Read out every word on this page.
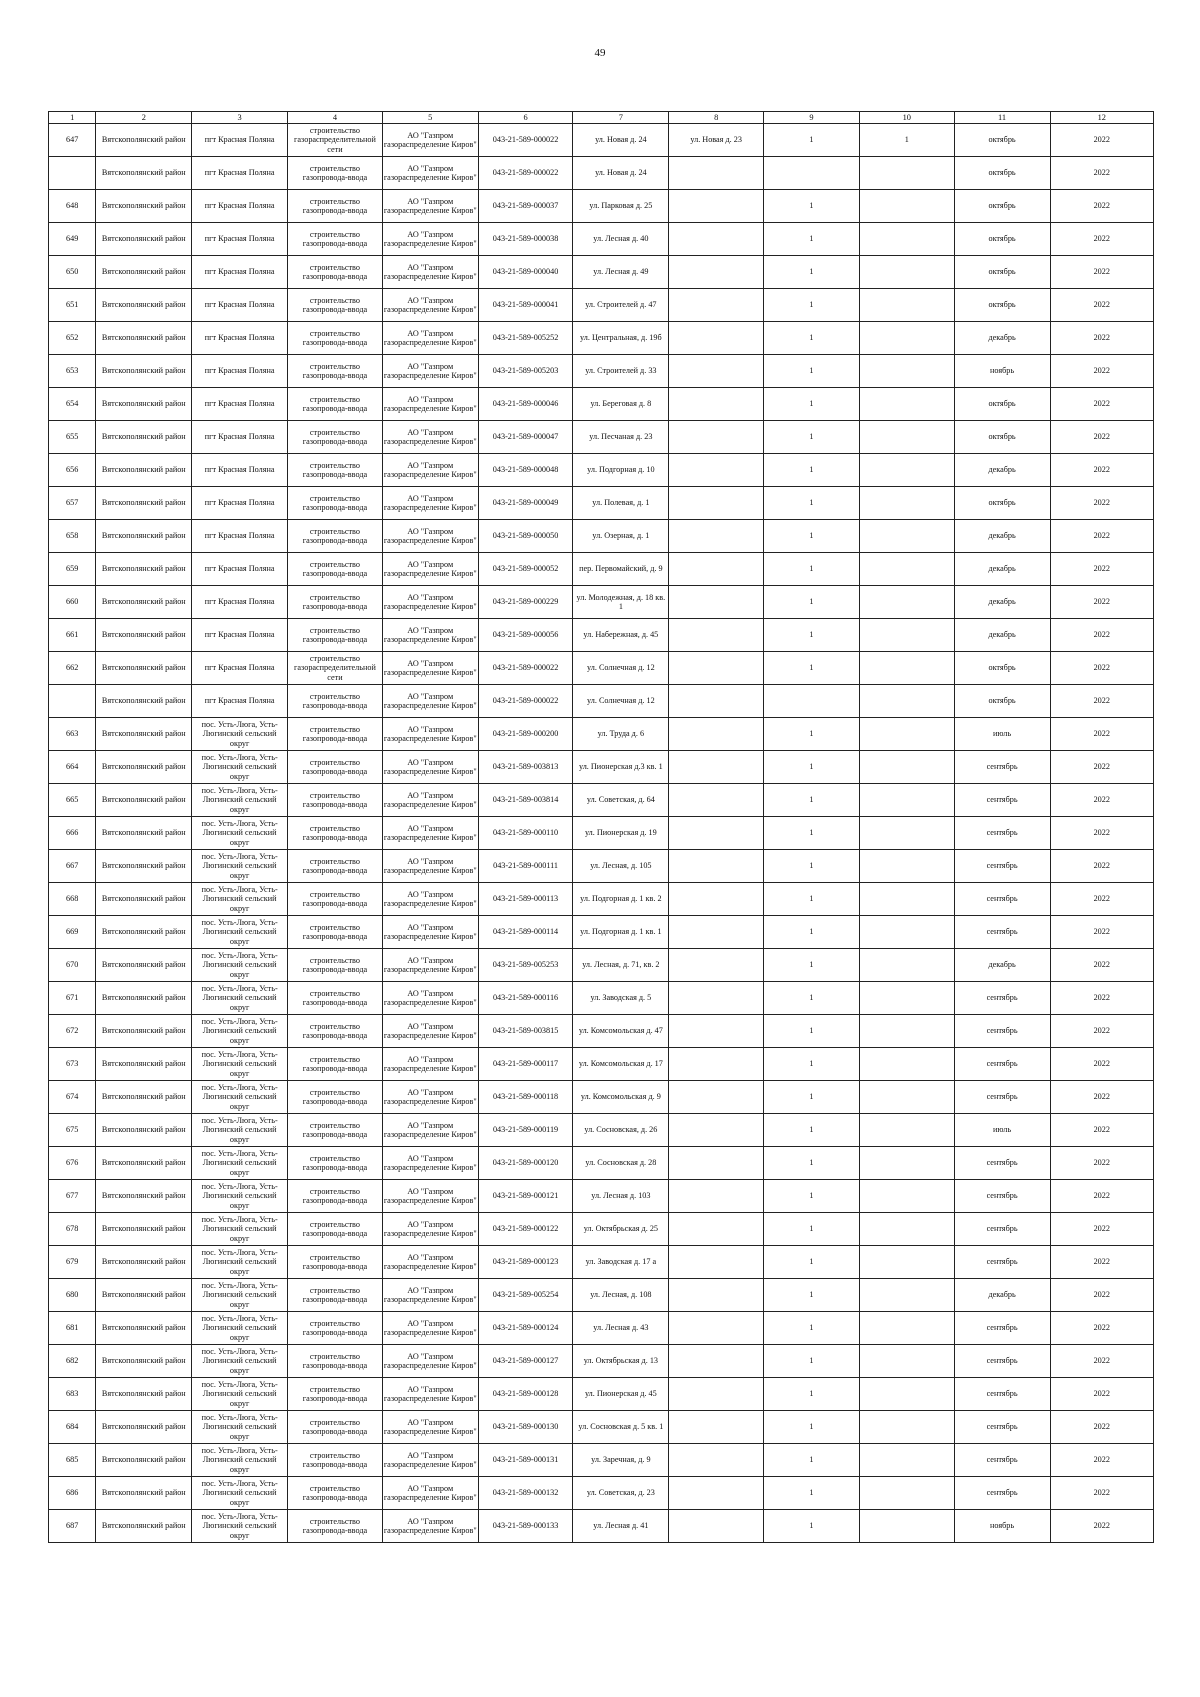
49
1	2	3	4	5	6	7	8	9	10	11	12

647	Вятскополянский район	пгт Красная Поляна	строительство газораспределительной сети	АО "Газпром газораспределение Киров"	043-21-589-000022	ул. Новая д. 24	ул. Новая д. 23	1	1	октябрь	2022

	Вятскополянский район	пгт Красная Поляна	строительство газопровода-ввода	АО "Газпром газораспределение Киров"	043-21-589-000022	ул. Новая д. 24				октябрь	2022

648	Вятскополянский район	пгт Красная Поляна	строительство газопровода-ввода	АО "Газпром газораспределение Киров"	043-21-589-000037	ул. Парковая д. 25		1		октябрь	2022

649	Вятскополянский район	пгт Красная Поляна	строительство газопровода-ввода	АО "Газпром газораспределение Киров"	043-21-589-000038	ул. Лесная д. 40		1		октябрь	2022

650	Вятскополянский район	пгт Красная Поляна	строительство газопровода-ввода	АО "Газпром газораспределение Киров"	043-21-589-000040	ул. Лесная д. 49		1		октябрь	2022

651	Вятскополянский район	пгт Красная Поляна	строительство газопровода-ввода	АО "Газпром газораспределение Киров"	043-21-589-000041	ул. Строителей д. 47		1		октябрь	2022

652	Вятскополянский район	пгт Красная Поляна	строительство газопровода-ввода	АО "Газпром газораспределение Киров"	043-21-589-005252	ул. Центральная, д. 19б		1		декабрь	2022

653	Вятскополянский район	пгт Красная Поляна	строительство газопровода-ввода	АО "Газпром газораспределение Киров"	043-21-589-005203	ул. Строителей д. 33		1		ноябрь	2022

654	Вятскополянский район	пгт Красная Поляна	строительство газопровода-ввода	АО "Газпром газораспределение Киров"	043-21-589-000046	ул. Береговая д. 8		1		октябрь	2022

655	Вятскополянский район	пгт Красная Поляна	строительство газопровода-ввода	АО "Газпром газораспределение Киров"	043-21-589-000047	ул. Песчаная д. 23		1		октябрь	2022

656	Вятскополянский район	пгт Красная Поляна	строительство газопровода-ввода	АО "Газпром газораспределение Киров"	043-21-589-000048	ул. Подгорная д. 10		1		декабрь	2022

657	Вятскополянский район	пгт Красная Поляна	строительство газопровода-ввода	АО "Газпром газораспределение Киров"	043-21-589-000049	ул. Полевая, д. 1		1		октябрь	2022

658	Вятскополянский район	пгт Красная Поляна	строительство газопровода-ввода	АО "Газпром газораспределение Киров"	043-21-589-000050	ул. Озерная, д. 1		1		декабрь	2022

659	Вятскополянский район	пгт Красная Поляна	строительство газопровода-ввода	АО "Газпром газораспределение Киров"	043-21-589-000052	пер. Первомайский, д. 9		1		декабрь	2022

660	Вятскополянский район	пгт Красная Поляна	строительство газопровода-ввода	АО "Газпром газораспределение Киров"	043-21-589-000229	ул. Молодежная, д. 18 кв. 1		1		декабрь	2022

661	Вятскополянский район	пгт Красная Поляна	строительство газопровода-ввода	АО "Газпром газораспределение Киров"	043-21-589-000056	ул. Набережная, д. 45		1		декабрь	2022

662	Вятскополянский район	пгт Красная Поляна	строительство газораспределительной сети	АО "Газпром газораспределение Киров"	043-21-589-000022	ул. Солнечная д. 12		1		октябрь	2022

	Вятскополянский район	пгт Красная Поляна	строительство газопровода-ввода	АО "Газпром газораспределение Киров"	043-21-589-000022	ул. Солнечная д. 12				октябрь	2022

663	Вятскополянский район	пос. Усть-Люга, Усть-Люгинский сельский округ	строительство газопровода-ввода	АО "Газпром газораспределение Киров"	043-21-589-000200	ул. Труда д. 6		1		июль	2022

664	Вятскополянский район	пос. Усть-Люга, Усть-Люгинский сельский округ	строительство газопровода-ввода	АО "Газпром газораспределение Киров"	043-21-589-003813	ул. Пионерская д.3 кв. 1		1		сентябрь	2022

665	Вятскополянский район	пос. Усть-Люга, Усть-Люгинский сельский округ	строительство газопровода-ввода	АО "Газпром газораспределение Киров"	043-21-589-003814	ул. Советская, д. 64		1		сентябрь	2022

666	Вятскополянский район	пос. Усть-Люга, Усть-Люгинский сельский округ	строительство газопровода-ввода	АО "Газпром газораспределение Киров"	043-21-589-000110	ул. Пионерская д. 19		1		сентябрь	2022

667	Вятскополянский район	пос. Усть-Люга, Усть-Люгинский сельский округ	строительство газопровода-ввода	АО "Газпром газораспределение Киров"	043-21-589-000111	ул. Лесная, д. 105		1		сентябрь	2022

668	Вятскополянский район	пос. Усть-Люга, Усть-Люгинский сельский округ	строительство газопровода-ввода	АО "Газпром газораспределение Киров"	043-21-589-000113	ул. Подгорная д. 1 кв. 2		1		сентябрь	2022

669	Вятскополянский район	пос. Усть-Люга, Усть-Люгинский сельский округ	строительство газопровода-ввода	АО "Газпром газораспределение Киров"	043-21-589-000114	ул. Подгорная д. 1 кв. 1		1		сентябрь	2022

670	Вятскополянский район	пос. Усть-Люга, Усть-Люгинский сельский округ	строительство газопровода-ввода	АО "Газпром газораспределение Киров"	043-21-589-005253	ул. Лесная, д. 71, кв. 2		1		декабрь	2022

671	Вятскополянский район	пос. Усть-Люга, Усть-Люгинский сельский округ	строительство газопровода-ввода	АО "Газпром газораспределение Киров"	043-21-589-000116	ул. Заводская д. 5		1		сентябрь	2022

672	Вятскополянский район	пос. Усть-Люга, Усть-Люгинский сельский округ	строительство газопровода-ввода	АО "Газпром газораспределение Киров"	043-21-589-003815	ул. Комсомольская д. 47		1		сентябрь	2022

673	Вятскополянский район	пос. Усть-Люга, Усть-Люгинский сельский округ	строительство газопровода-ввода	АО "Газпром газораспределение Киров"	043-21-589-000117	ул. Комсомольская д. 17		1		сентябрь	2022

674	Вятскополянский район	пос. Усть-Люга, Усть-Люгинский сельский округ	строительство газопровода-ввода	АО "Газпром газораспределение Киров"	043-21-589-000118	ул. Комсомольская д. 9		1		сентябрь	2022

675	Вятскополянский район	пос. Усть-Люга, Усть-Люгинский сельский округ	строительство газопровода-ввода	АО "Газпром газораспределение Киров"	043-21-589-000119	ул. Сосновская, д. 26		1		июль	2022

676	Вятскополянский район	пос. Усть-Люга, Усть-Люгинский сельский округ	строительство газопровода-ввода	АО "Газпром газораспределение Киров"	043-21-589-000120	ул. Сосновская д. 28		1		сентябрь	2022

677	Вятскополянский район	пос. Усть-Люга, Усть-Люгинский сельский округ	строительство газопровода-ввода	АО "Газпром газораспределение Киров"	043-21-589-000121	ул. Лесная д. 103		1		сентябрь	2022

678	Вятскополянский район	пос. Усть-Люга, Усть-Люгинский сельский округ	строительство газопровода-ввода	АО "Газпром газораспределение Киров"	043-21-589-000122	ул. Октябрьская д. 25		1		сентябрь	2022

679	Вятскополянский район	пос. Усть-Люга, Усть-Люгинский сельский округ	строительство газопровода-ввода	АО "Газпром газораспределение Киров"	043-21-589-000123	ул. Заводская д. 17 а		1		сентябрь	2022

680	Вятскополянский район	пос. Усть-Люга, Усть-Люгинский сельский округ	строительство газопровода-ввода	АО "Газпром газораспределение Киров"	043-21-589-005254	ул. Лесная, д. 108		1		декабрь	2022

681	Вятскополянский район	пос. Усть-Люга, Усть-Люгинский сельский округ	строительство газопровода-ввода	АО "Газпром газораспределение Киров"	043-21-589-000124	ул. Лесная д. 43		1		сентябрь	2022

682	Вятскополянский район	пос. Усть-Люга, Усть-Люгинский сельский округ	строительство газопровода-ввода	АО "Газпром газораспределение Киров"	043-21-589-000127	ул. Октябрьская д. 13		1		сентябрь	2022

683	Вятскополянский район	пос. Усть-Люга, Усть-Люгинский сельский округ	строительство газопровода-ввода	АО "Газпром газораспределение Киров"	043-21-589-000128	ул. Пионерская д. 45		1		сентябрь	2022

684	Вятскополянский район	пос. Усть-Люга, Усть-Люгинский сельский округ	строительство газопровода-ввода	АО "Газпром газораспределение Киров"	043-21-589-000130	ул. Сосновская д. 5 кв. 1		1		сентябрь	2022

685	Вятскополянский район	пос. Усть-Люга, Усть-Люгинский сельский округ	строительство газопровода-ввода	АО "Газпром газораспределение Киров"	043-21-589-000131	ул. Заречная, д. 9		1		сентябрь	2022

686	Вятскополянский район	пос. Усть-Люга, Усть-Люгинский сельский округ	строительство газопровода-ввода	АО "Газпром газораспределение Киров"	043-21-589-000132	ул. Советская, д. 23		1		сентябрь	2022

687	Вятскополянский район	пос. Усть-Люга, Усть-Люгинский сельский округ	строительство газопровода-ввода	АО "Газпром газораспределение Киров"	043-21-589-000133	ул. Лесная д. 41		1		ноябрь	2022
